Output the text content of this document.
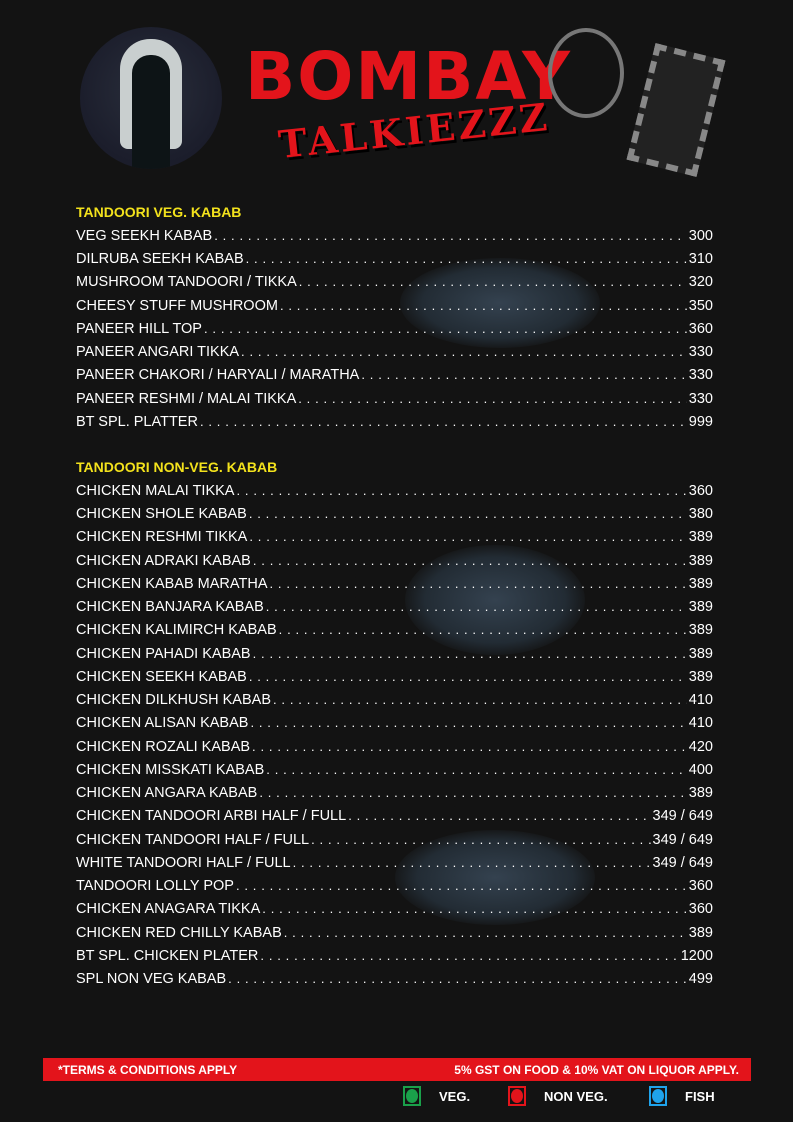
BOMBAY
TALKIEZZZ
TANDOORI VEG. KABAB
VEG SEEKH KABAB . . .	300
DILRUBA SEEKH KABAB . . .	310
MUSHROOM TANDOORI / TIKKA . . .	320
CHEESY STUFF MUSHROOM . . .	350
PANEER HILL TOP . . .	360
PANEER ANGARI TIKKA . . .	330
PANEER CHAKORI / HARYALI / MARATHA . . .	330
PANEER RESHMI / MALAI TIKKA . . .	330
BT SPL. PLATTER . . .	999
TANDOORI NON-VEG. KABAB
CHICKEN MALAI TIKKA . . .	360
CHICKEN SHOLE KABAB . . .	380
CHICKEN RESHMI TIKKA . . .	389
CHICKEN ADRAKI KABAB . . .	389
CHICKEN KABAB MARATHA . . .	389
CHICKEN BANJARA KABAB . . .	389
CHICKEN KALIMIRCH KABAB . . .	389
CHICKEN PAHADI KABAB . . .	389
CHICKEN SEEKH KABAB . . .	389
CHICKEN DILKHUSH KABAB . . .	410
CHICKEN ALISAN KABAB . . .	410
CHICKEN ROZALI KABAB . . .	420
CHICKEN MISSKATI KABAB . . .	400
CHICKEN ANGARA KABAB . . .	389
CHICKEN TANDOORI ARBI HALF / FULL . . .	349 / 649
CHICKEN TANDOORI HALF / FULL . . .	349 / 649
WHITE TANDOORI HALF / FULL . . .	349 / 649
TANDOORI LOLLY POP . . .	360
CHICKEN ANAGARA TIKKA . . .	360
CHICKEN RED CHILLY KABAB . . .	389
BT SPL. CHICKEN PLATER . . .	1200
SPL NON VEG KABAB . . .	499
*TERMS & CONDITIONS APPLY	5% GST ON FOOD & 10% VAT ON LIQUOR APPLY.
VEG.	NON VEG.	FISH
